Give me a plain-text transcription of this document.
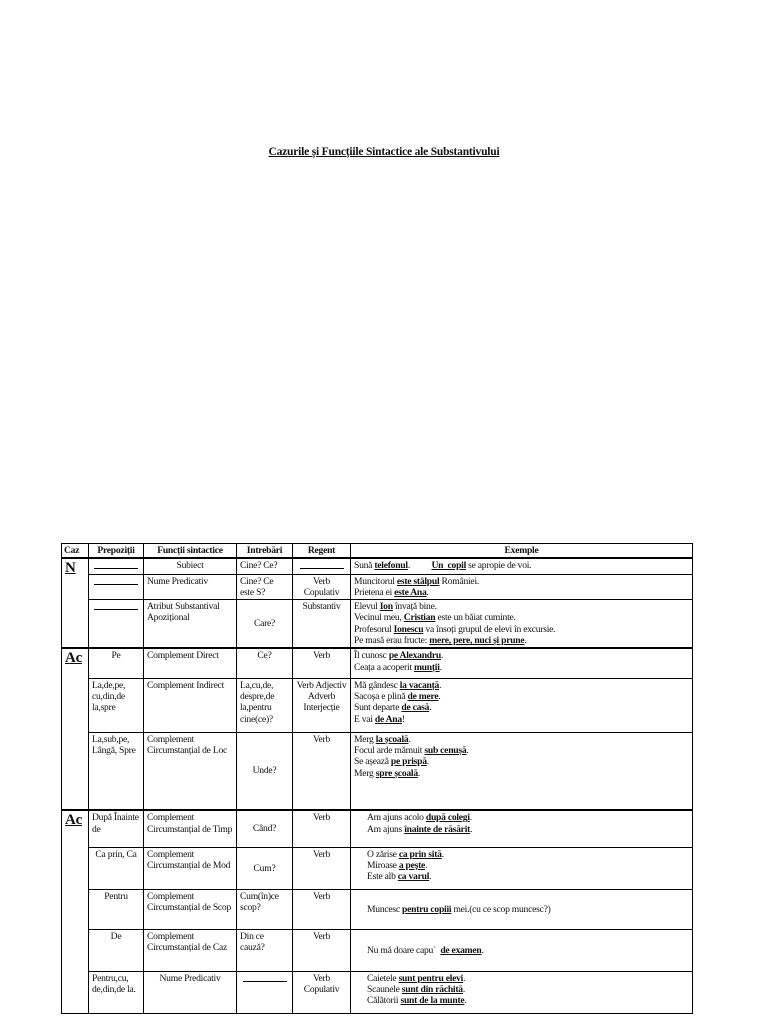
Cazurile și Funcțiile Sintactice ale Substantivului
Caz	Prepoziții	Funcții sintactice	Intrebări	Regent	Exemple
N		Subiect	Cine? Ce?		Sună telefonul.          Un  copil se apropie de voi.

		Nume Predicativ	Cine? Ce este S?	Verb Copulativ	Muncitorul este stâlpul României.
Prietena ei este Ana.

		Atribut Substantival Apozițional	Care?	Substantiv	Elevul Ion învață bine.
Vecinul meu, Cristian este un băiat cuminte.
Profesorul Ionescu va însoți grupul de elevi în excursie.
Pe masă erau fructe: mere, pere, nuci și prune.

Ac	Pe	Complement Direct	Ce?	Verb	Îl cunosc pe Alexandru.
Ceața a acoperit munții.

	La,de,pe, cu,din,de la,spre	Complement Indirect	La,cu,de, despre,de la,pentru cine(ce)?	Verb Adjectiv Adverb Interjecție	Mă gândesc la vacanță.
Sacoșa e plină de mere.
Sunt departe de casă.
E vai de Ana!

	La,sub,pe, Lângă, Spre	Complement Circumstanțial de Loc	Unde?	Verb	Merg la școală.
Focul arde mămuit sub cenușă.
Se așează pe prispă.
Merg spre școală.

Ac	După Înainte de	Complement Circumstanțial de Timp	Când?	Verb	Am ajuns acolo după colegi.
Am ajuns înainte de răsărit.

	Ca prin, Ca	Complement Circumstanțial de Mod	Cum?	Verb	O zărise ca prin sită.
Miroase a peşte.
Este alb ca varul.

	Pentru	Complement Circumstanțial de Scop	Cum(în)ce scop?	Verb	Muncesc pentru copiii mei.(cu ce scop muncesc?)

	De	Complement Circumstanțial de Caz	Din ce cauză?	Verb	Nu mă doare capu`  de examen.

	Pentru,cu, de,din,de la.	Nume Predicativ		Verb Copulativ	Caietele sunt pentru elevi.
Scaunele sunt din răchită.
Călătorii sunt de la munte.
